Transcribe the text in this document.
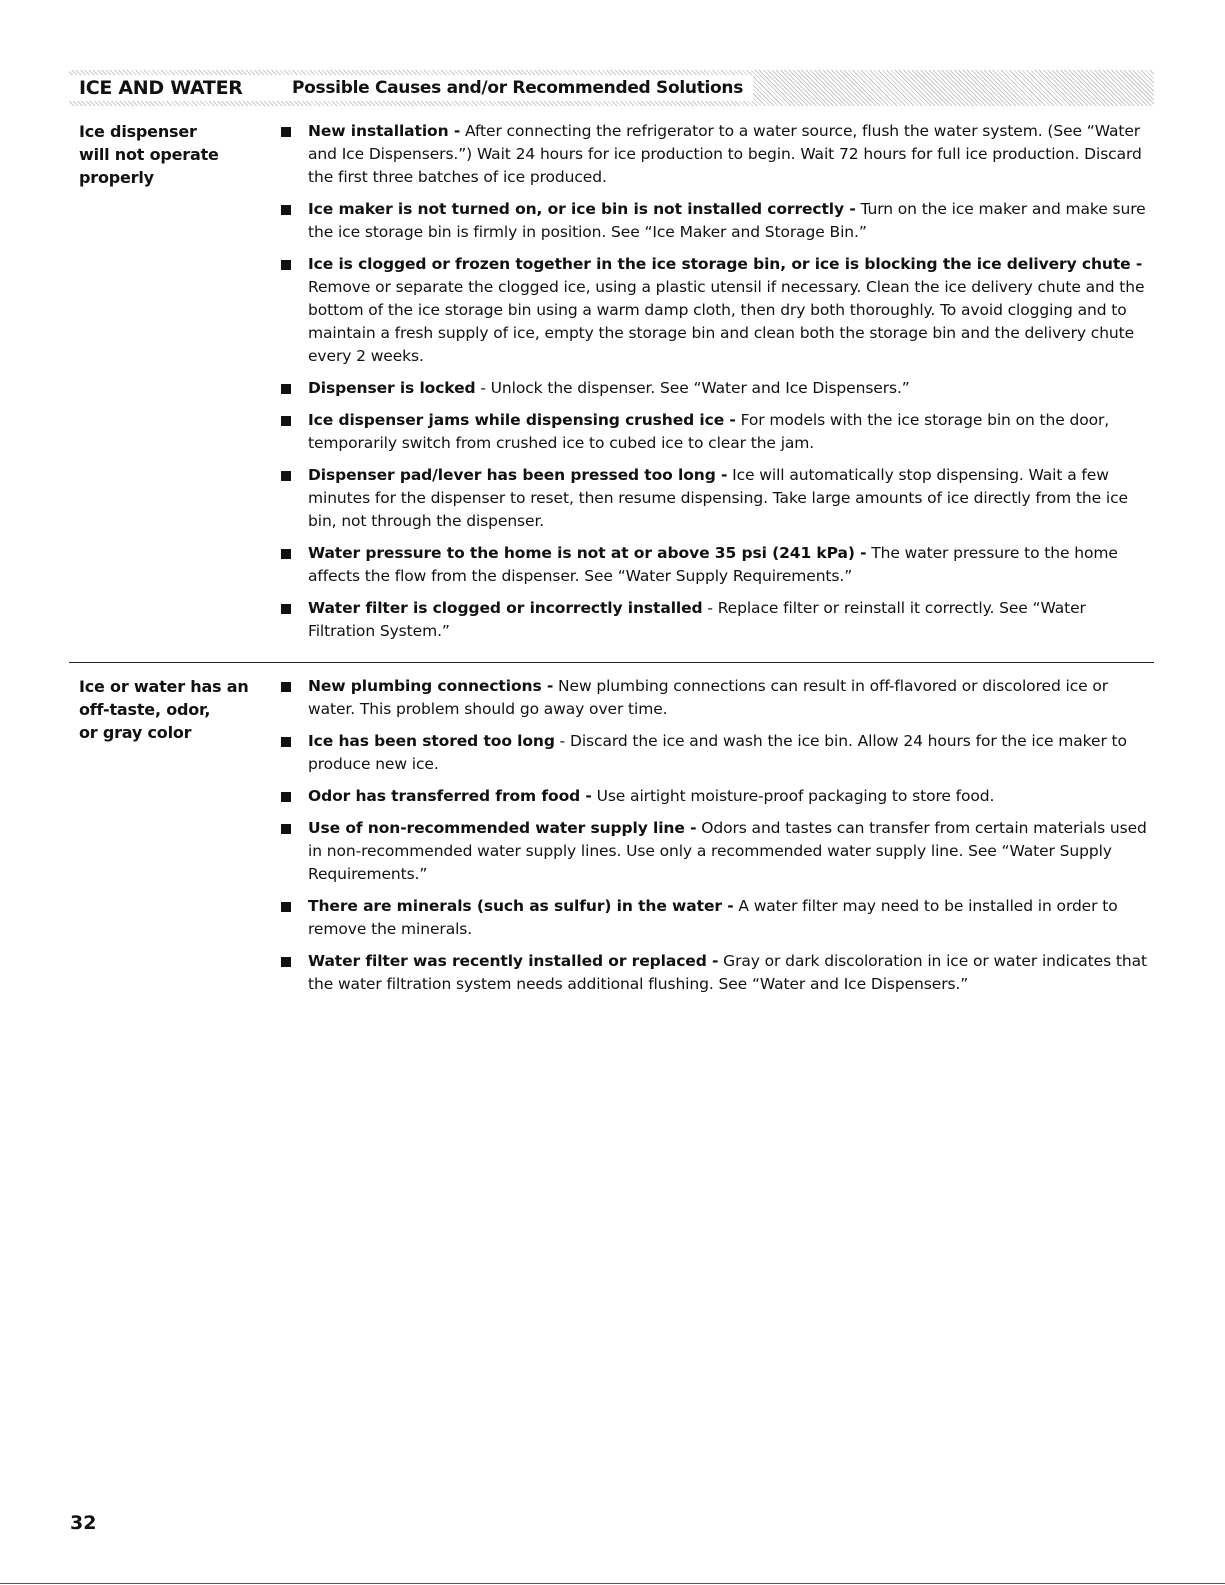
ICE AND WATER	Possible Causes and/or Recommended Solutions
Ice dispenser
will not operate
properly
New installation - After connecting the refrigerator to a water source, flush the water system. (See “Water and Ice Dispensers.”) Wait 24 hours for ice production to begin. Wait 72 hours for full ice production. Discard the first three batches of ice produced.
Ice maker is not turned on, or ice bin is not installed correctly - Turn on the ice maker and make sure the ice storage bin is firmly in position. See “Ice Maker and Storage Bin.”
Ice is clogged or frozen together in the ice storage bin, or ice is blocking the ice delivery chute - Remove or separate the clogged ice, using a plastic utensil if necessary. Clean the ice delivery chute and the bottom of the ice storage bin using a warm damp cloth, then dry both thoroughly. To avoid clogging and to maintain a fresh supply of ice, empty the storage bin and clean both the storage bin and the delivery chute every 2 weeks.
Dispenser is locked - Unlock the dispenser. See “Water and Ice Dispensers.”
Ice dispenser jams while dispensing crushed ice - For models with the ice storage bin on the door, temporarily switch from crushed ice to cubed ice to clear the jam.
Dispenser pad/lever has been pressed too long - Ice will automatically stop dispensing. Wait a few minutes for the dispenser to reset, then resume dispensing. Take large amounts of ice directly from the ice bin, not through the dispenser.
Water pressure to the home is not at or above 35 psi (241 kPa) - The water pressure to the home affects the flow from the dispenser. See “Water Supply Requirements.”
Water filter is clogged or incorrectly installed - Replace filter or reinstall it correctly. See “Water Filtration System.”
Ice or water has an
off-taste, odor,
or gray color
New plumbing connections - New plumbing connections can result in off-flavored or discolored ice or water. This problem should go away over time.
Ice has been stored too long - Discard the ice and wash the ice bin. Allow 24 hours for the ice maker to produce new ice.
Odor has transferred from food - Use airtight moisture-proof packaging to store food.
Use of non-recommended water supply line - Odors and tastes can transfer from certain materials used in non-recommended water supply lines. Use only a recommended water supply line. See “Water Supply Requirements.”
There are minerals (such as sulfur) in the water - A water filter may need to be installed in order to remove the minerals.
Water filter was recently installed or replaced - Gray or dark discoloration in ice or water indicates that the water filtration system needs additional flushing. See “Water and Ice Dispensers.”
32
